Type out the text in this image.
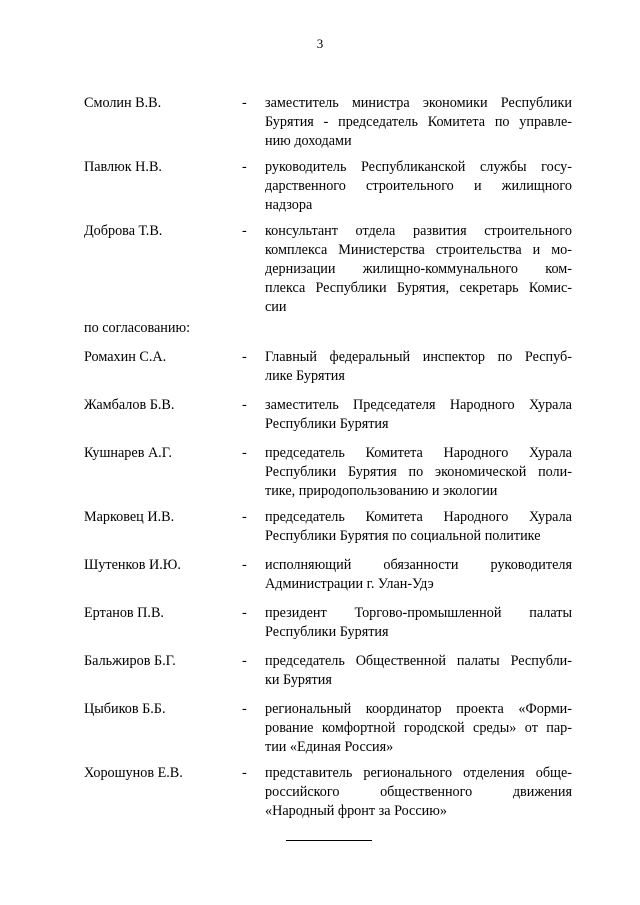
3
Смолин В.В.	- заместитель министра экономики Республики
Бурятия - председатель Комитета по управле-
нию доходами
Павлюк Н.В.	- руководитель Республиканской службы госу-
дарственного строительного и жилищного
надзора
Доброва Т.В.	- консультант отдела развития строительного
комплекса Министерства строительства и мо-
дернизации жилищно-коммунального ком-
плекса Республики Бурятия, секретарь Комис-
сии
по согласованию:
Ромахин С.А.	- Главный федеральный инспектор по Респуб-
лике Бурятия
Жамбалов Б.В.	- заместитель Председателя Народного Хурала
Республики Бурятия
Кушнарев А.Г.	- председатель Комитета Народного Хурала
Республики Бурятия по экономической поли-
тике, природопользованию и экологии
Марковец И.В.	- председатель Комитета Народного Хурала
Республики Бурятия по социальной политике
Шутенков И.Ю.	- исполняющий обязанности руководителя
Администрации г. Улан-Удэ
Ертанов П.В.	- президент Торгово-промышленной палаты
Республики Бурятия
Бальжиров Б.Г.	- председатель Общественной палаты Республи-
ки Бурятия
Цыбиков Б.Б.	- региональный координатор проекта «Форми-
рование комфортной городской среды» от пар-
тии «Единая Россия»
Хорошунов Е.В.	- представитель регионального отделения обще-
российского	общественного	движения
«Народный фронт за Россию»
